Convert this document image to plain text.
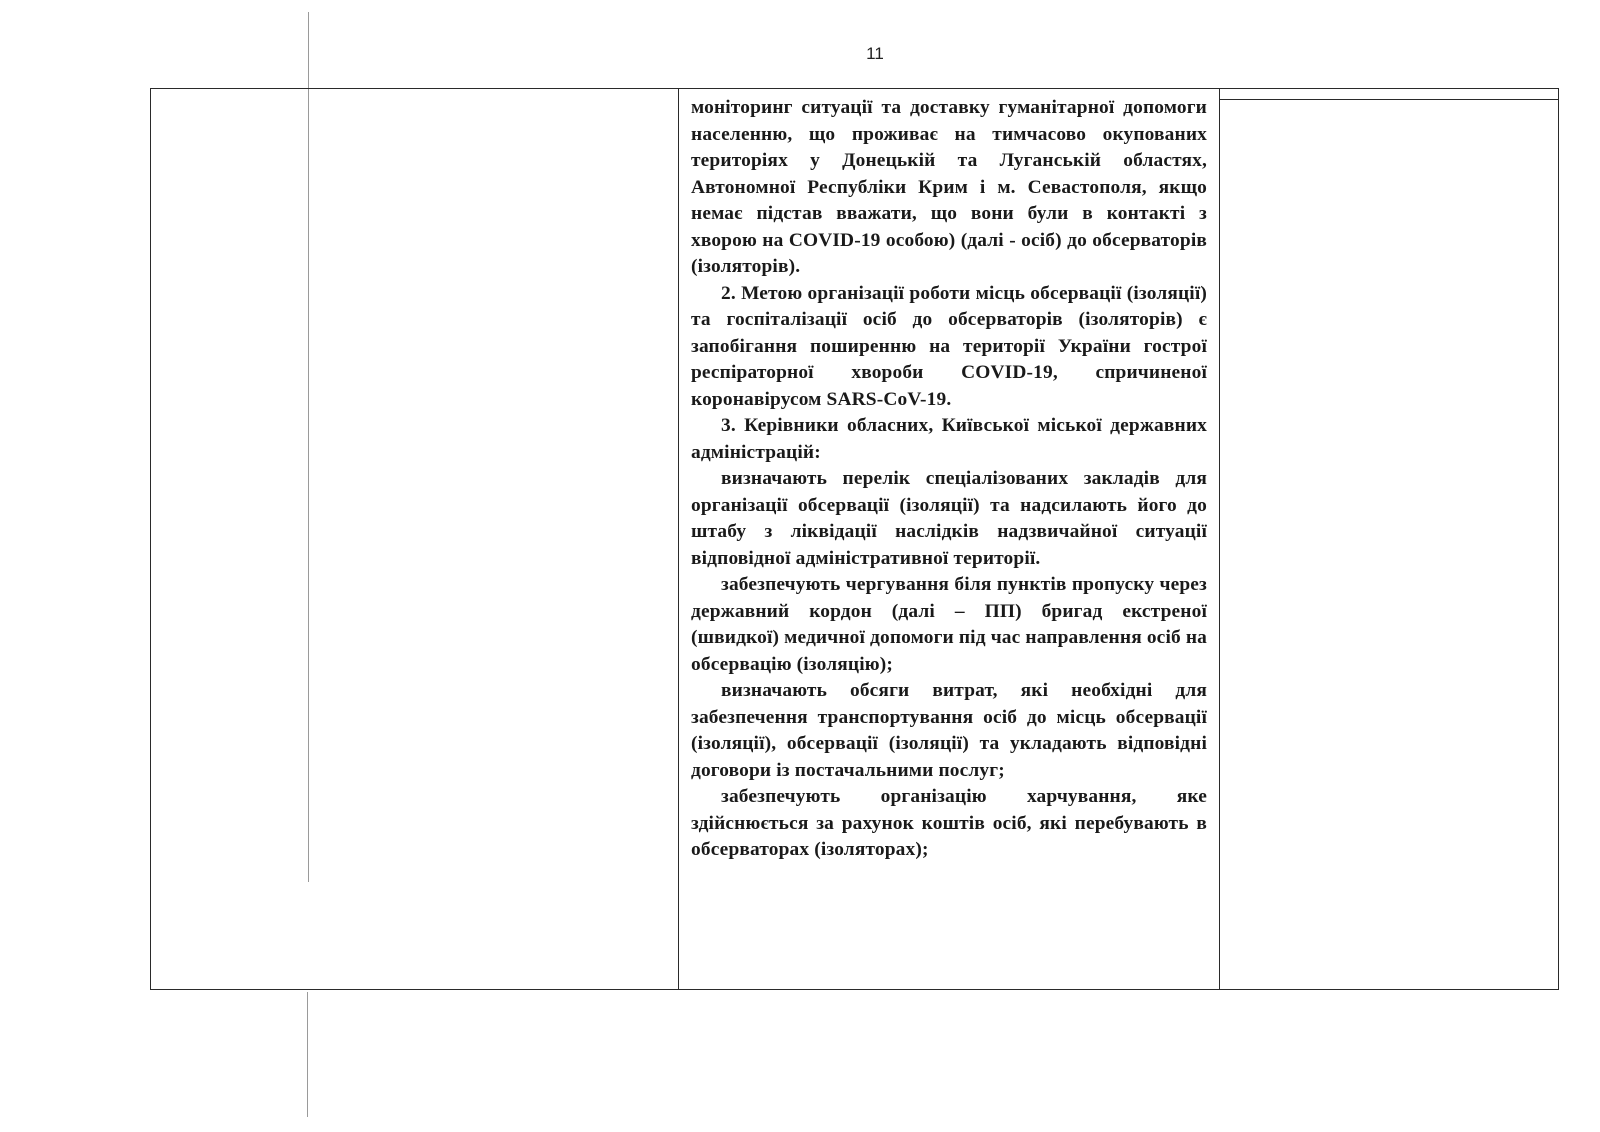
11

моніторинг ситуації та доставку гуманітарної допомоги населенню, що проживає на тимчасово окупованих територіях у Донецькій та Луганській областях, Автономної Республіки Крим і м. Севастополя, якщо немає підстав вважати, що вони були в контакті з хворою на COVID-19 особою) (далі - осіб) до обсерваторів (ізоляторів).

2. Метою організації роботи місць обсервації (ізоляції) та госпіталізації осіб до обсерваторів (ізоляторів) є запобігання поширенню на території України гострої респіраторної хвороби COVID-19, спричиненої коронавірусом SARS-CoV-19.

3. Керівники обласних, Київської міської державних адміністрацій:

визначають перелік спеціалізованих закладів для організації обсервації (ізоляції) та надсилають його до штабу з ліквідації наслідків надзвичайної ситуації відповідної адміністративної території.

забезпечують чергування біля пунктів пропуску через державний кордон (далі – ПП) бригад екстреної (швидкої) медичної допомоги під час направлення осіб на обсервацію (ізоляцію);

визначають обсяги витрат, які необхідні для забезпечення транспортування осіб до місць обсервації (ізоляції), обсервації (ізоляції) та укладають відповідні договори із постачальними послуг;

забезпечують організацію харчування, яке здійснюється за рахунок коштів осіб, які перебувають в обсерваторах (ізоляторах);
